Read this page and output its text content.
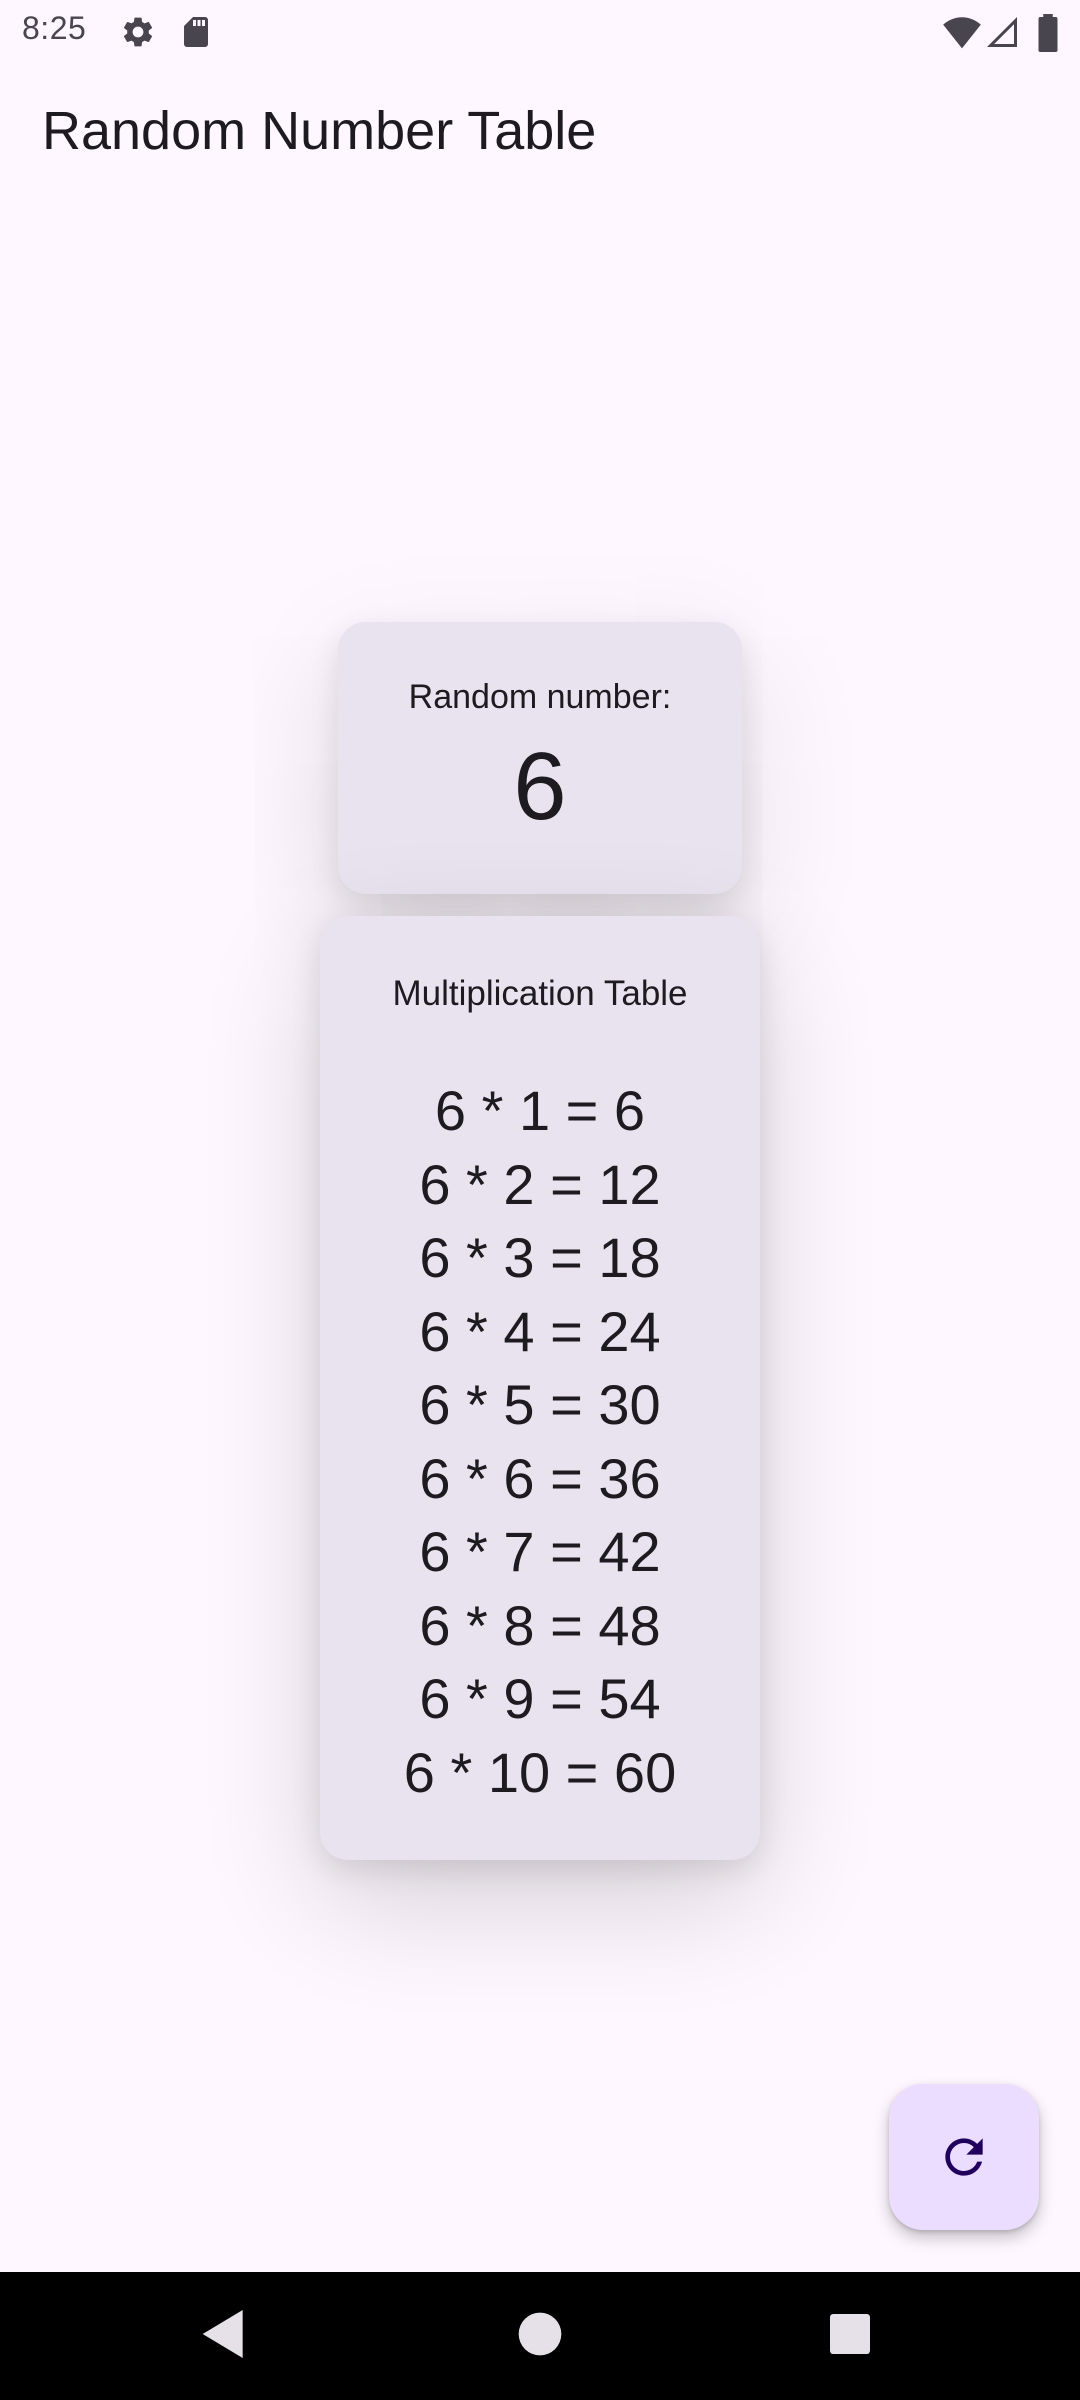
8:25
Random Number Table
Random number:
6
Multiplication Table
6 * 1 = 6
6 * 2 = 12
6 * 3 = 18
6 * 4 = 24
6 * 5 = 30
6 * 6 = 36
6 * 7 = 42
6 * 8 = 48
6 * 9 = 54
6 * 10 = 60
